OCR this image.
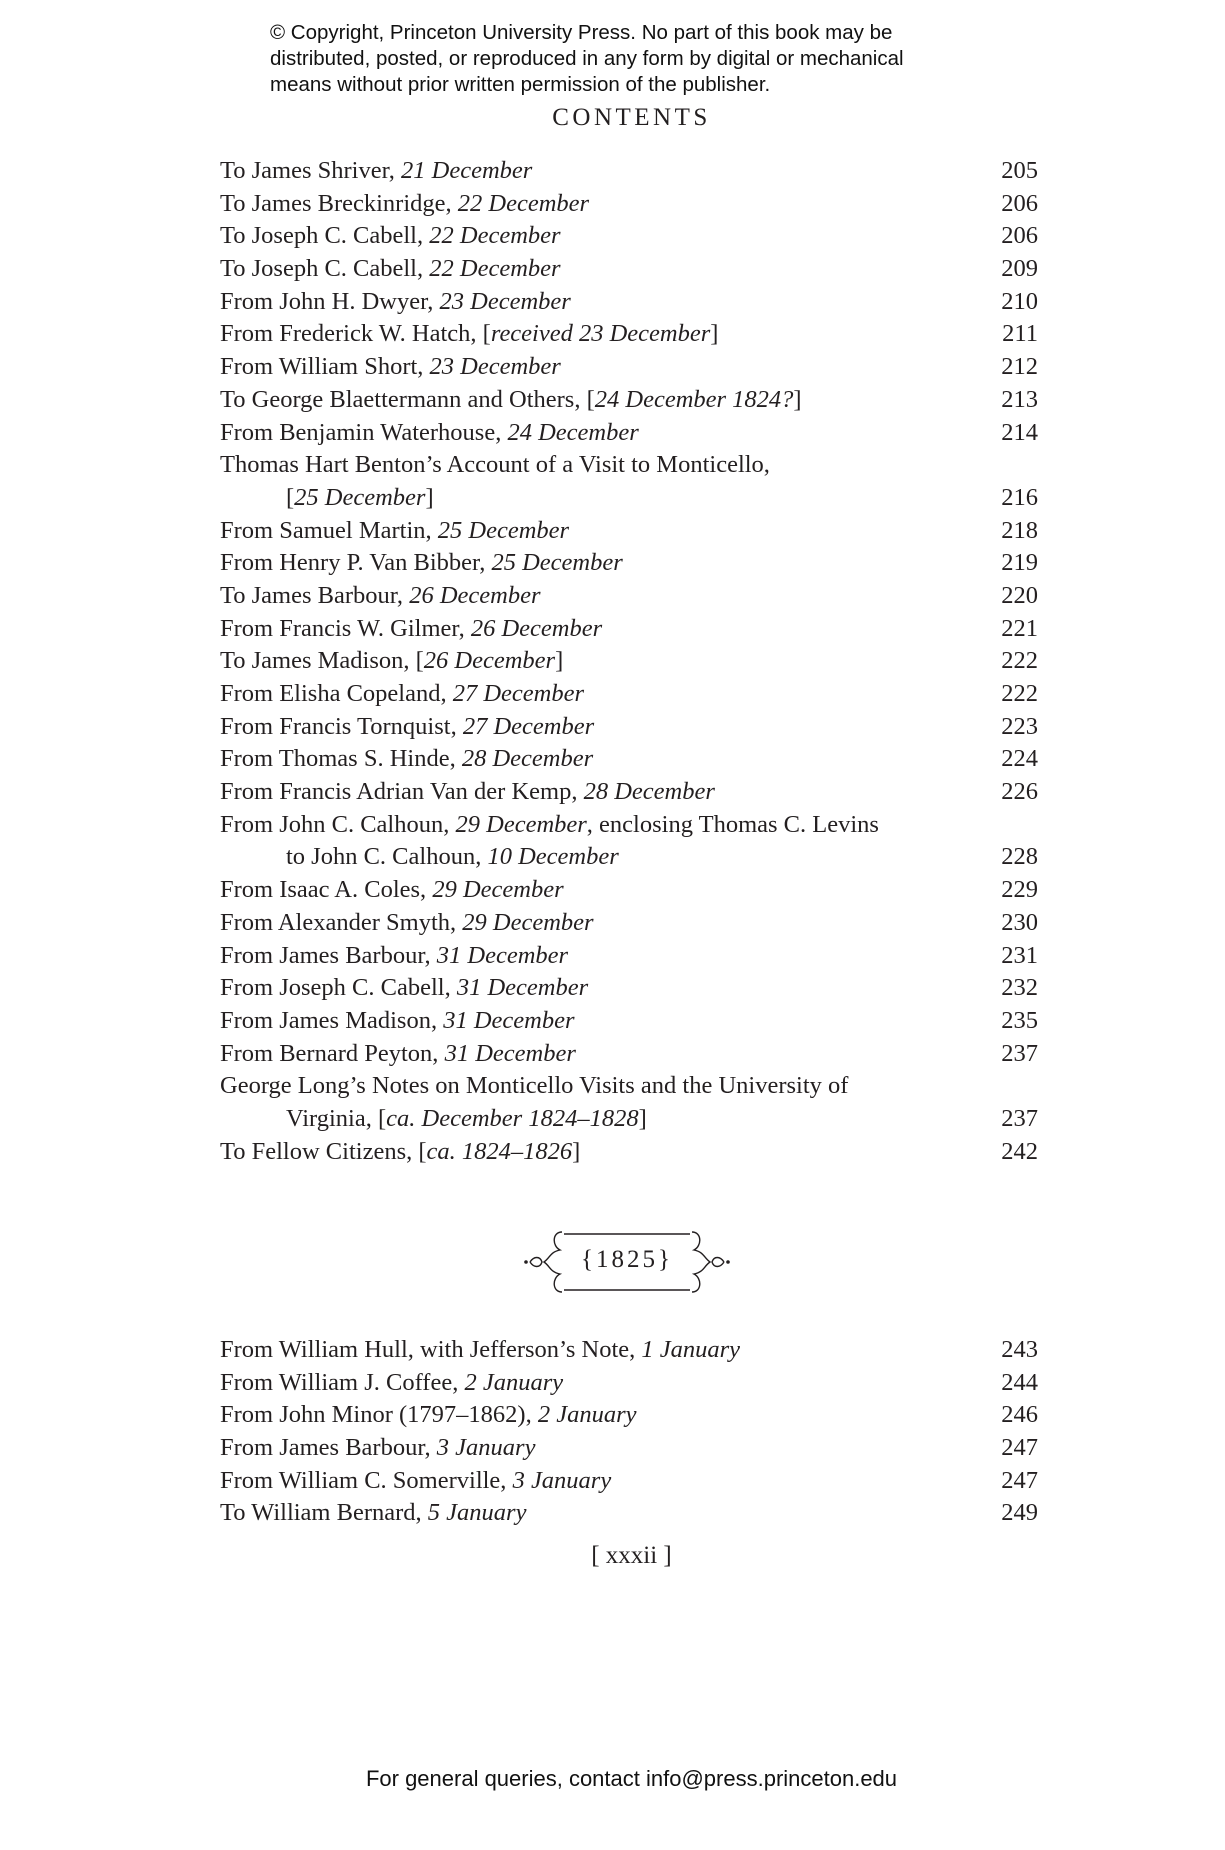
© Copyright, Princeton University Press. No part of this book may be
distributed, posted, or reproduced in any form by digital or mechanical
means without prior written permission of the publisher.
CONTENTS
To James Shriver, 21 December	205
To James Breckinridge, 22 December	206
To Joseph C. Cabell, 22 December	206
To Joseph C. Cabell, 22 December	209
From John H. Dwyer, 23 December	210
From Frederick W. Hatch, [received 23 December]	211
From William Short, 23 December	212
To George Blaettermann and Others, [24 December 1824?]	213
From Benjamin Waterhouse, 24 December	214
Thomas Hart Benton’s Account of a Visit to Monticello,
[25 December]	216
From Samuel Martin, 25 December	218
From Henry P. Van Bibber, 25 December	219
To James Barbour, 26 December	220
From Francis W. Gilmer, 26 December	221
To James Madison, [26 December]	222
From Elisha Copeland, 27 December	222
From Francis Tornquist, 27 December	223
From Thomas S. Hinde, 28 December	224
From Francis Adrian Van der Kemp, 28 December	226
From John C. Calhoun, 29 December, enclosing Thomas C. Levins
to John C. Calhoun, 10 December	228
From Isaac A. Coles, 29 December	229
From Alexander Smyth, 29 December	230
From James Barbour, 31 December	231
From Joseph C. Cabell, 31 December	232
From James Madison, 31 December	235
From Bernard Peyton, 31 December	237
George Long’s Notes on Monticello Visits and the University of
Virginia, [ca. December 1824–1828]	237
To Fellow Citizens, [ca. 1824–1826]	242
{1825}
From William Hull, with Jefferson’s Note, 1 January	243
From William J. Coffee, 2 January	244
From John Minor (1797–1862), 2 January	246
From James Barbour, 3 January	247
From William C. Somerville, 3 January	247
To William Bernard, 5 January	249
[ xxxii ]
For general queries, contact info@press.princeton.edu
